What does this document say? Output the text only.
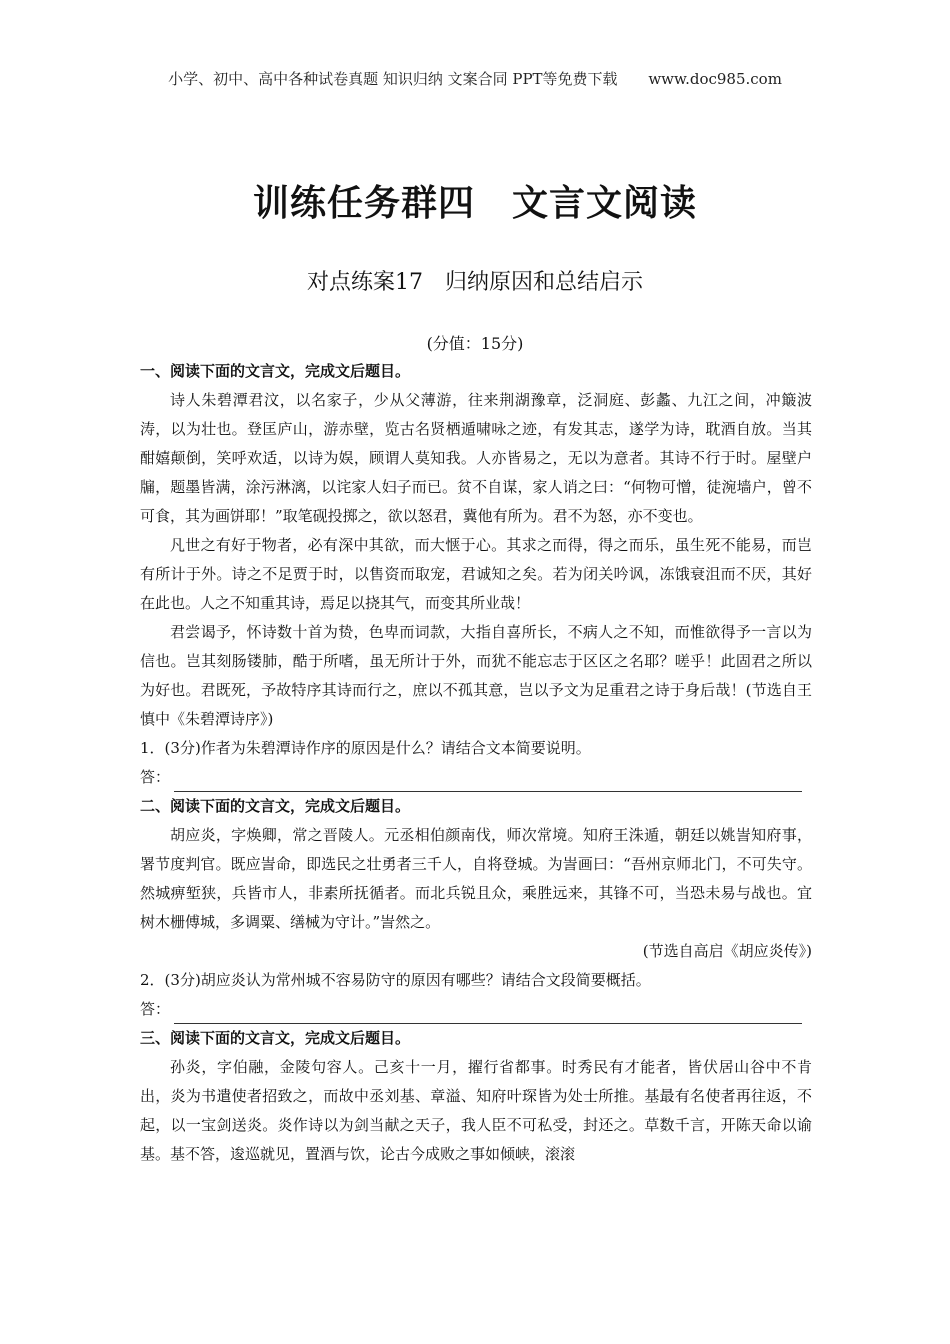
小学、初中、高中各种试卷真题 知识归纳 文案合同 PPT等免费下载 www.doc985.com
训练任务群四　文言文阅读
对点练案17　归纳原因和总结启示
(分值：15分)
一、阅读下面的文言文，完成文后题目。

诗人朱碧潭君汶，以名家子，少从父薄游，往来荆湖豫章，泛洞庭、彭蠡、九江之间，冲簸波涛，以为壮也。登匡庐山，游赤壁，览古名贤栖遁啸咏之迹，有发其志，遂学为诗，耽酒自放。当其酣嬉颠倒，笑呼欢适，以诗为娱，顾谓人莫知我。人亦皆易之，无以为意者。其诗不行于时。屋壁户牖，题墨皆满，涂污淋漓，以诧家人妇子而已。贫不自谋，家人诮之曰：“何物可憎，徒涴墙户，曾不可食，其为画饼耶！”取笔砚投掷之，欲以怒君，冀他有所为。君不为怒，亦不变也。

凡世之有好于物者，必有深中其欲，而大惬于心。其求之而得，得之而乐，虽生死不能易，而岂有所计于外。诗之不足贾于时，以售资而取宠，君诚知之矣。若为闭关吟讽，冻饿衰沮而不厌，其好在此也。人之不知重其诗，焉足以挠其气，而变其所业哉！

君尝谒予，怀诗数十首为贽，色卑而词款，大指自喜所长，不病人之不知，而惟欲得予一言以为信也。岂其刻肠镂肺，酷于所嗜，虽无所计于外，而犹不能忘志于区区之名耶？嗟乎！此固君之所以为好也。君既死，予故特序其诗而行之，庶以不孤其意，岂以予文为足重君之诗于身后哉！(节选自王慎中《朱碧潭诗序》)

1．(3分)作者为朱碧潭诗作序的原因是什么？请结合文本简要说明。

答：
二、阅读下面的文言文，完成文后题目。

胡应炎，字焕卿，常之晋陵人。元丞相伯颜南伐，师次常境。知府王洙遁，朝廷以姚訔知府事，署节度判官。既应訔命，即选民之壮勇者三千人，自将登城。为訔画曰：“吾州京师北门，不可失守。然城痹堑狭，兵皆市人，非素所抚循者。而北兵锐且众，乘胜远来，其锋不可，当恐未易与战也。宜树木栅傅城，多调粟、缮械为守计。”訔然之。

(节选自高启《胡应炎传》)

2．(3分)胡应炎认为常州城不容易防守的原因有哪些？请结合文段简要概括。

答：
三、阅读下面的文言文，完成文后题目。

孙炎，字伯融，金陵句容人。己亥十一月，擢行省都事。时秀民有才能者，皆伏居山谷中不肯出，炎为书遣使者招致之，而故中丞刘基、章溢、知府叶琛皆为处士所推。基最有名使者再往返，不起，以一宝剑送炎。炎作诗以为剑当献之天子，我人臣不可私受，封还之。草数千言，开陈天命以谕基。基不答，逡巡就见，置酒与饮，论古今成败之事如倾峡，滚滚
